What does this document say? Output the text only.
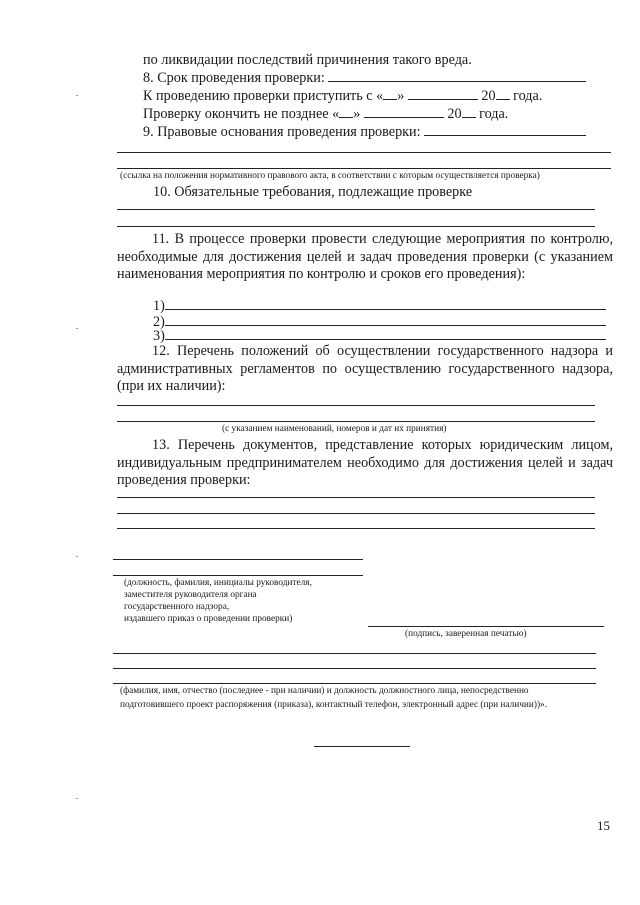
по ликвидации последствий причинения такого вреда.
8. Срок проведения проверки:
К проведению проверки приступить с « »	20 года.
Проверку окончить не позднее « »	20 года.
9. Правовые основания проведения проверки:
(ссылка на положения нормативного правового акта, в соответствии с которым осуществляется проверка)
10. Обязательные требования, подлежащие проверке
11. В процессе проверки провести следующие мероприятия по контролю, необходимые для достижения целей и задач проведения проверки (с указанием наименования мероприятия по контролю и сроков его проведения):
1)
2)
3)
12. Перечень положений об осуществлении государственного надзора и административных регламентов по осуществлению государственного надзора, (при их наличии):
(с указанием наименований, номеров и дат их принятия)
13. Перечень документов, представление которых юридическим лицом, индивидуальным предпринимателем необходимо для достижения целей и задач проведения проверки:
(должность, фамилия, инициалы руководителя,
заместителя руководителя органа
государственного надзора,
издавшего приказ о проведении проверки)
(подпись, заверенная печатью)
(фамилия, имя, отчество (последнее - при наличии) и должность должностного лица, непосредственно
подготовившего проект распоряжения (приказа), контактный телефон, электронный адрес (при наличии))».
15
